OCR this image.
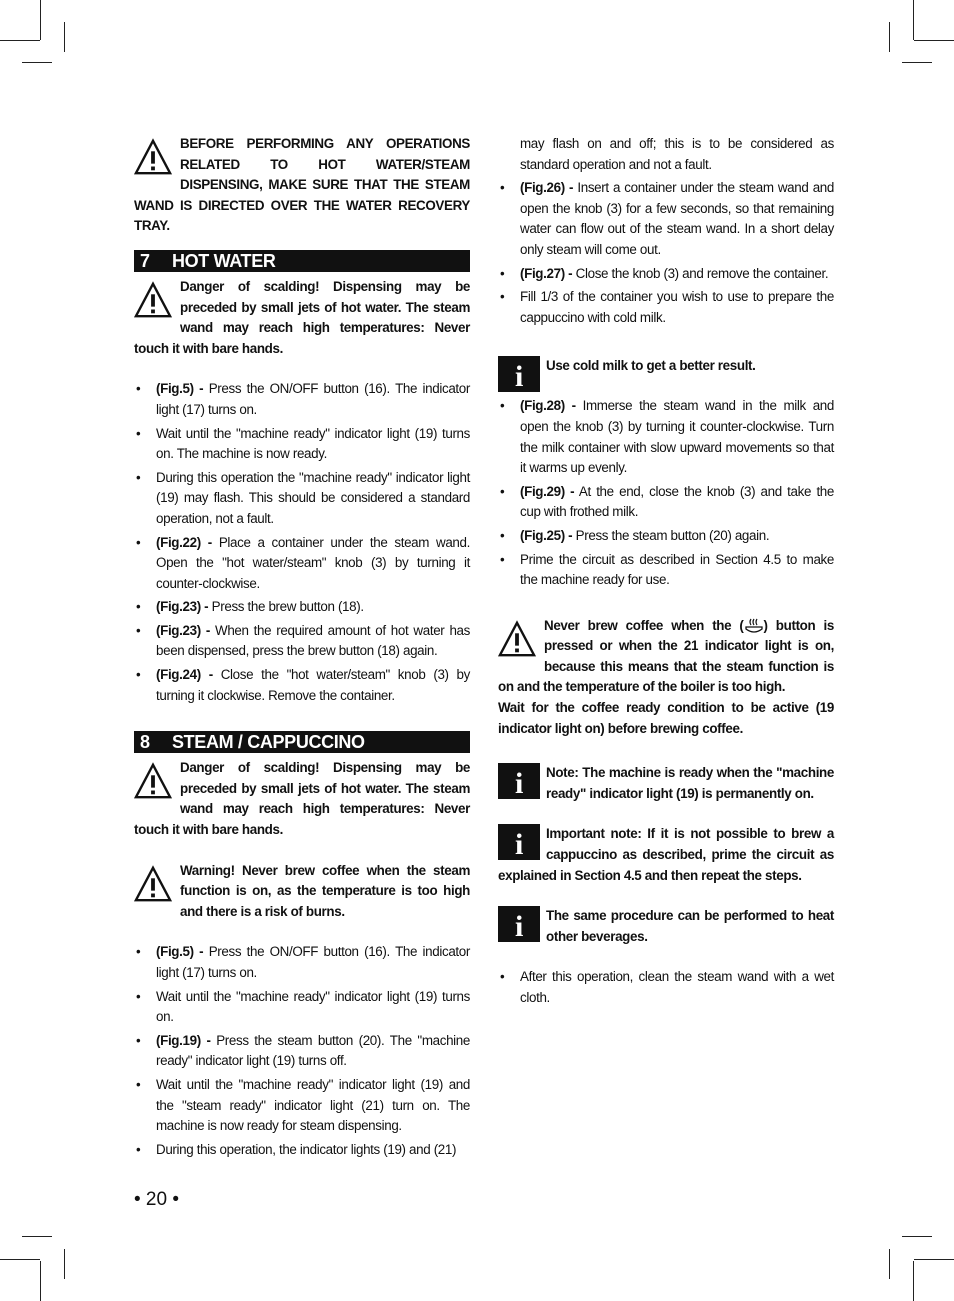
BEFORE PERFORMING ANY OPERATIONS RELATED TO HOT WATER/STEAM DISPENSING, MAKE SURE THAT THE STEAM WAND IS DIRECTED OVER THE WATER RECOVERY TRAY.
7	HOT WATER
Danger of scalding! Dispensing may be preceded by small jets of hot water. The steam wand may reach high temperatures: Never touch it with bare hands.
• (Fig.5) - Press the ON/OFF button (16). The indicator light (17) turns on.
• Wait until the "machine ready" indicator light (19) turns on. The machine is now ready.
• During this operation the "machine ready" indicator light (19) may flash. This should be considered a standard operation, not a fault.
• (Fig.22) - Place a container under the steam wand. Open the "hot water/steam" knob (3) by turning it counter-clockwise.
• (Fig.23) - Press the brew button (18).
• (Fig.23) - When the required amount of hot water has been dispensed, press the brew button (18) again.
• (Fig.24) - Close the "hot water/steam" knob (3) by turning it clockwise. Remove the container.
8	STEAM / CAPPUCCINO
Danger of scalding! Dispensing may be preceded by small jets of hot water. The steam wand may reach high temperatures: Never touch it with bare hands.
Warning! Never brew coffee when the steam function is on, as the temperature is too high and there is a risk of burns.
• (Fig.5) - Press the ON/OFF button (16). The indicator light (17) turns on.
• Wait until the "machine ready" indicator light (19) turns on.
• (Fig.19) - Press the steam button (20). The "machine ready" indicator light (19) turns off.
• Wait until the "machine ready" indicator light (19) and the "steam ready" indicator light (21) turn on. The machine is now ready for steam dispensing.
• During this operation, the indicator lights (19) and (21)
may flash on and off; this is to be considered as standard operation and not a fault.
• (Fig.26) - Insert a container under the steam wand and open the knob (3) for a few seconds, so that remaining water can flow out of the steam wand. In a short delay only steam will come out.
• (Fig.27) - Close the knob (3) and remove the container.
• Fill 1/3 of the container you wish to use to prepare the cappuccino with cold milk.
i	Use cold milk to get a better result.
• (Fig.28) - Immerse the steam wand in the milk and open the knob (3) by turning it counter-clockwise. Turn the milk container with slow upward movements so that it warms up evenly.
• (Fig.29) - At the end, close the knob (3) and take the cup with frothed milk.
• (Fig.25) - Press the steam button (20) again.
• Prime the circuit as described in Section 4.5 to make the machine ready for use.
Never brew coffee when the ( ) button is pressed or when the 21 indicator light is on, because this means that the steam function is on and the temperature of the boiler is too high.
Wait for the coffee ready condition to be active (19 indicator light on) before brewing coffee.
i	Note: The machine is ready when the "machine ready" indicator light (19) is permanently on.
i	Important note: If it is not possible to brew a cappuccino as described, prime the circuit as explained in Section 4.5 and then repeat the steps.
i	The same procedure can be performed to heat other beverages.
• After this operation, clean the steam wand with a wet cloth.
• 20 •
